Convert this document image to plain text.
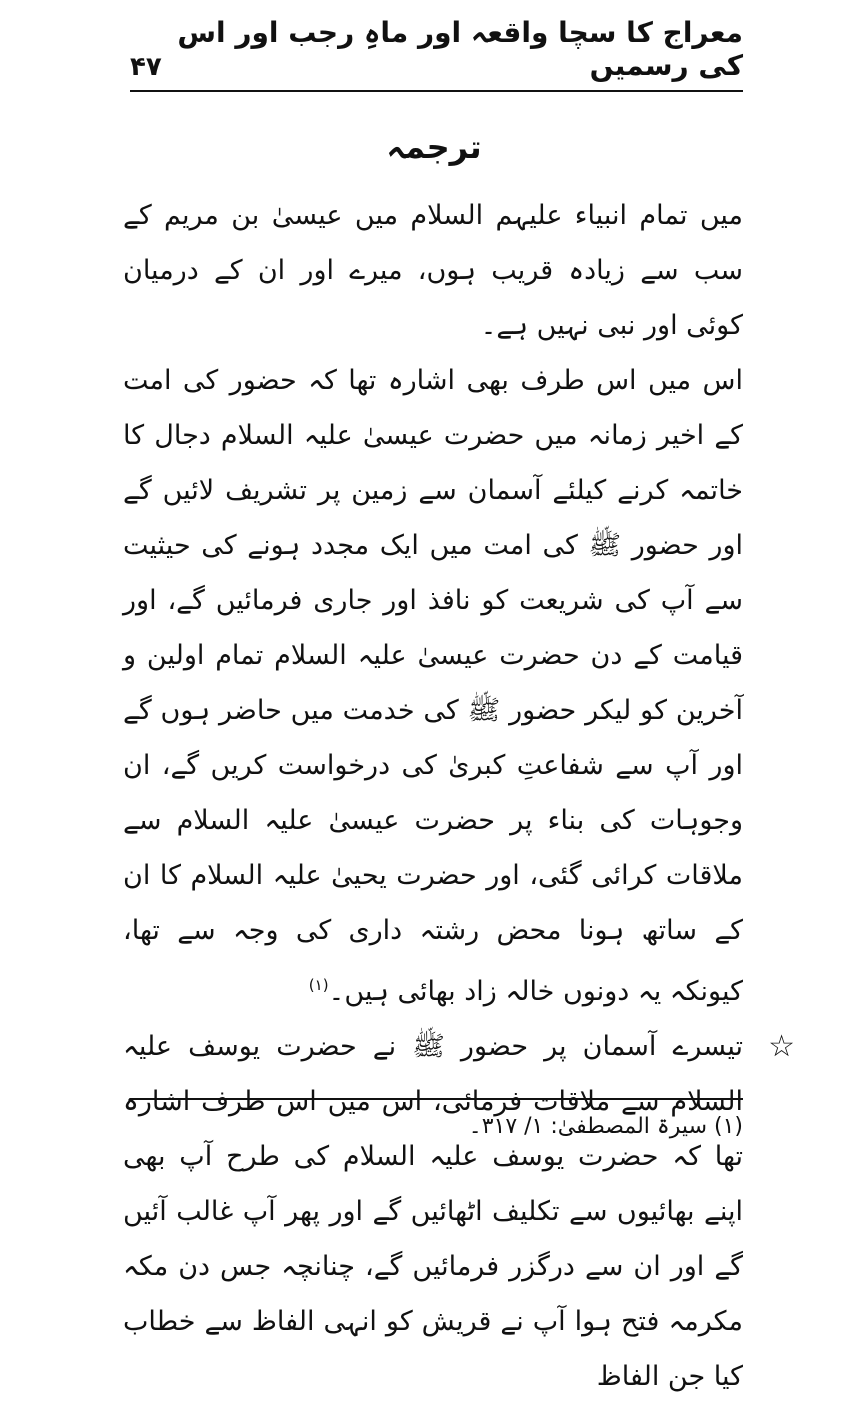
معراج کا سچا واقعہ اور ماہِ رجب اور اس کی رسمیں
۴۷
ترجمہ

میں تمام انبیاء علیہم السلام میں عیسیٰ بن مریم کے سب سے زیادہ قریب ہوں، میرے اور ان کے درمیان کوئی اور نبی نہیں ہے۔

اس میں اس طرف بھی اشارہ تھا کہ حضور کی امت کے اخیر زمانہ میں حضرت عیسیٰ علیہ السلام دجال کا خاتمہ کرنے کیلئے آسمان سے زمین پر تشریف لائیں گے اور حضور ﷺ کی امت میں ایک مجدد ہونے کی حیثیت سے آپ کی شریعت کو نافذ اور جاری فرمائیں گے، اور قیامت کے دن حضرت عیسیٰ علیہ السلام تمام اولین و آخرین کو لیکر حضور ﷺ کی خدمت میں حاضر ہوں گے اور آپ سے شفاعتِ کبریٰ کی درخواست کریں گے، ان وجوہات کی بناء پر حضرت عیسیٰ علیہ السلام سے ملاقات کرائی گئی، اور حضرت یحییٰ علیہ السلام کا ان کے ساتھ ہونا محض رشتہ داری کی وجہ سے تھا، کیونکہ یہ دونوں خالہ زاد بھائی ہیں۔$^{(۱)}$

☆

تیسرے آسمان پر حضور ﷺ نے حضرت یوسف علیہ السلام سے ملاقات فرمائی، اس میں اس طرف اشارہ تھا کہ حضرت یوسف علیہ السلام کی طرح آپ بھی اپنے بھائیوں سے تکلیف اٹھائیں گے اور پھر آپ غالب آئیں گے اور ان سے درگزر فرمائیں گے، چنانچہ جس دن مکہ مکرمہ فتح ہوا آپ نے قریش کو انہی الفاظ سے خطاب کیا جن الفاظ

(۱) سیرۃ المصطفیٰ: ۱/ ۳۱۷۔
